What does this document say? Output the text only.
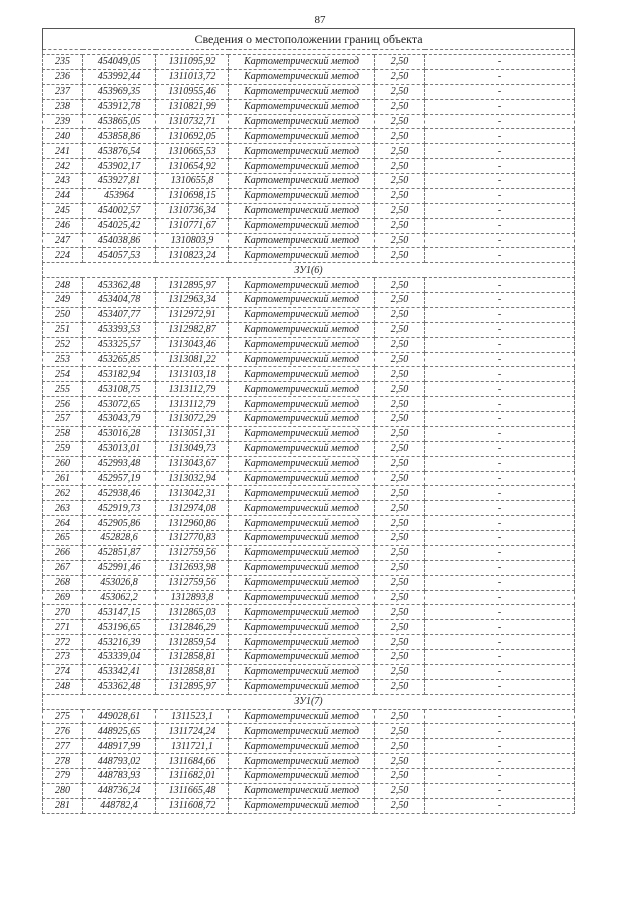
87
Сведения о местоположении границ объекта					

235	454049,05	1311095,92	Картометрический метод	2,50	-
236	453992,44	1311013,72	Картометрический метод	2,50	-
237	453969,35	1310955,46	Картометрический метод	2,50	-
238	453912,78	1310821,99	Картометрический метод	2,50	-
239	453865,05	1310732,71	Картометрический метод	2,50	-
240	453858,86	1310692,05	Картометрический метод	2,50	-
241	453876,54	1310665,53	Картометрический метод	2,50	-
242	453902,17	1310654,92	Картометрический метод	2,50	-
243	453927,81	1310655,8	Картометрический метод	2,50	-
244	453964	1310698,15	Картометрический метод	2,50	-
245	454002,57	1310736,34	Картометрический метод	2,50	-
246	454025,42	1310771,67	Картометрический метод	2,50	-
247	454038,86	1310803,9	Картометрический метод	2,50	-
224	454057,53	1310823,24	Картометрический метод	2,50	-
ЗУ1(6)					
248	453362,48	1312895,97	Картометрический метод	2,50	-
249	453404,78	1312963,34	Картометрический метод	2,50	-
250	453407,77	1312972,91	Картометрический метод	2,50	-
251	453393,53	1312982,87	Картометрический метод	2,50	-
252	453325,57	1313043,46	Картометрический метод	2,50	-
253	453265,85	1313081,22	Картометрический метод	2,50	-
254	453182,94	1313103,18	Картометрический метод	2,50	-
255	453108,75	1313112,79	Картометрический метод	2,50	-
256	453072,65	1313112,79	Картометрический метод	2,50	-
257	453043,79	1313072,29	Картометрический метод	2,50	-
258	453016,28	1313051,31	Картометрический метод	2,50	-
259	453013,01	1313049,73	Картометрический метод	2,50	-
260	452993,48	1313043,67	Картометрический метод	2,50	-
261	452957,19	1313032,94	Картометрический метод	2,50	-
262	452938,46	1313042,31	Картометрический метод	2,50	-
263	452919,73	1312974,08	Картометрический метод	2,50	-
264	452905,86	1312960,86	Картометрический метод	2,50	-
265	452828,6	1312770,83	Картометрический метод	2,50	-
266	452851,87	1312759,56	Картометрический метод	2,50	-
267	452991,46	1312693,98	Картометрический метод	2,50	-
268	453026,8	1312759,56	Картометрический метод	2,50	-
269	453062,2	1312893,8	Картометрический метод	2,50	-
270	453147,15	1312865,03	Картометрический метод	2,50	-
271	453196,65	1312846,29	Картометрический метод	2,50	-
272	453216,39	1312859,54	Картометрический метод	2,50	-
273	453339,04	1312858,81	Картометрический метод	2,50	-
274	453342,41	1312858,81	Картометрический метод	2,50	-
248	453362,48	1312895,97	Картометрический метод	2,50	-
ЗУ1(7)					
275	449028,61	1311523,1	Картометрический метод	2,50	-
276	448925,65	1311724,24	Картометрический метод	2,50	-
277	448917,99	1311721,1	Картометрический метод	2,50	-
278	448793,02	1311684,66	Картометрический метод	2,50	-
279	448783,93	1311682,01	Картометрический метод	2,50	-
280	448736,24	1311665,48	Картометрический метод	2,50	-
281	448782,4	1311608,72	Картометрический метод	2,50	-
